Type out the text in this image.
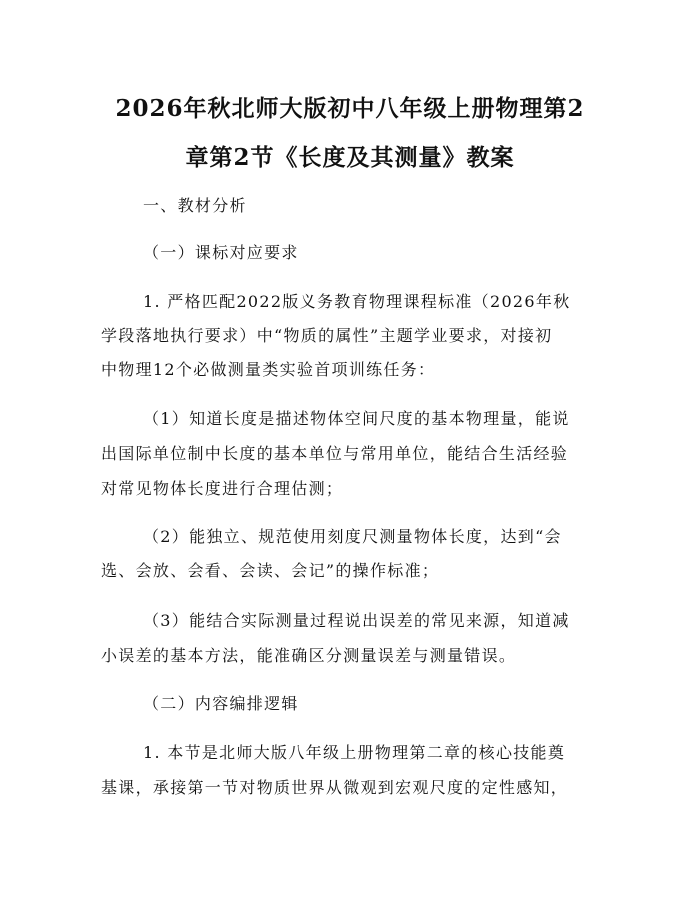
2026年秋北师大版初中八年级上册物理第2
章第2节《长度及其测量》教案
一、教材分析
（一）课标对应要求
1. 严格匹配2022版义务教育物理课程标准（2026年秋
学段落地执行要求）中“物质的属性”主题学业要求，对接初
中物理12个必做测量类实验首项训练任务：
（1）知道长度是描述物体空间尺度的基本物理量，能说
出国际单位制中长度的基本单位与常用单位，能结合生活经验
对常见物体长度进行合理估测；
（2）能独立、规范使用刻度尺测量物体长度，达到“会
选、会放、会看、会读、会记”的操作标准；
（3）能结合实际测量过程说出误差的常见来源，知道减
小误差的基本方法，能准确区分测量误差与测量错误。
（二）内容编排逻辑
1. 本节是北师大版八年级上册物理第二章的核心技能奠
基课，承接第一节对物质世界从微观到宏观尺度的定性感知，
